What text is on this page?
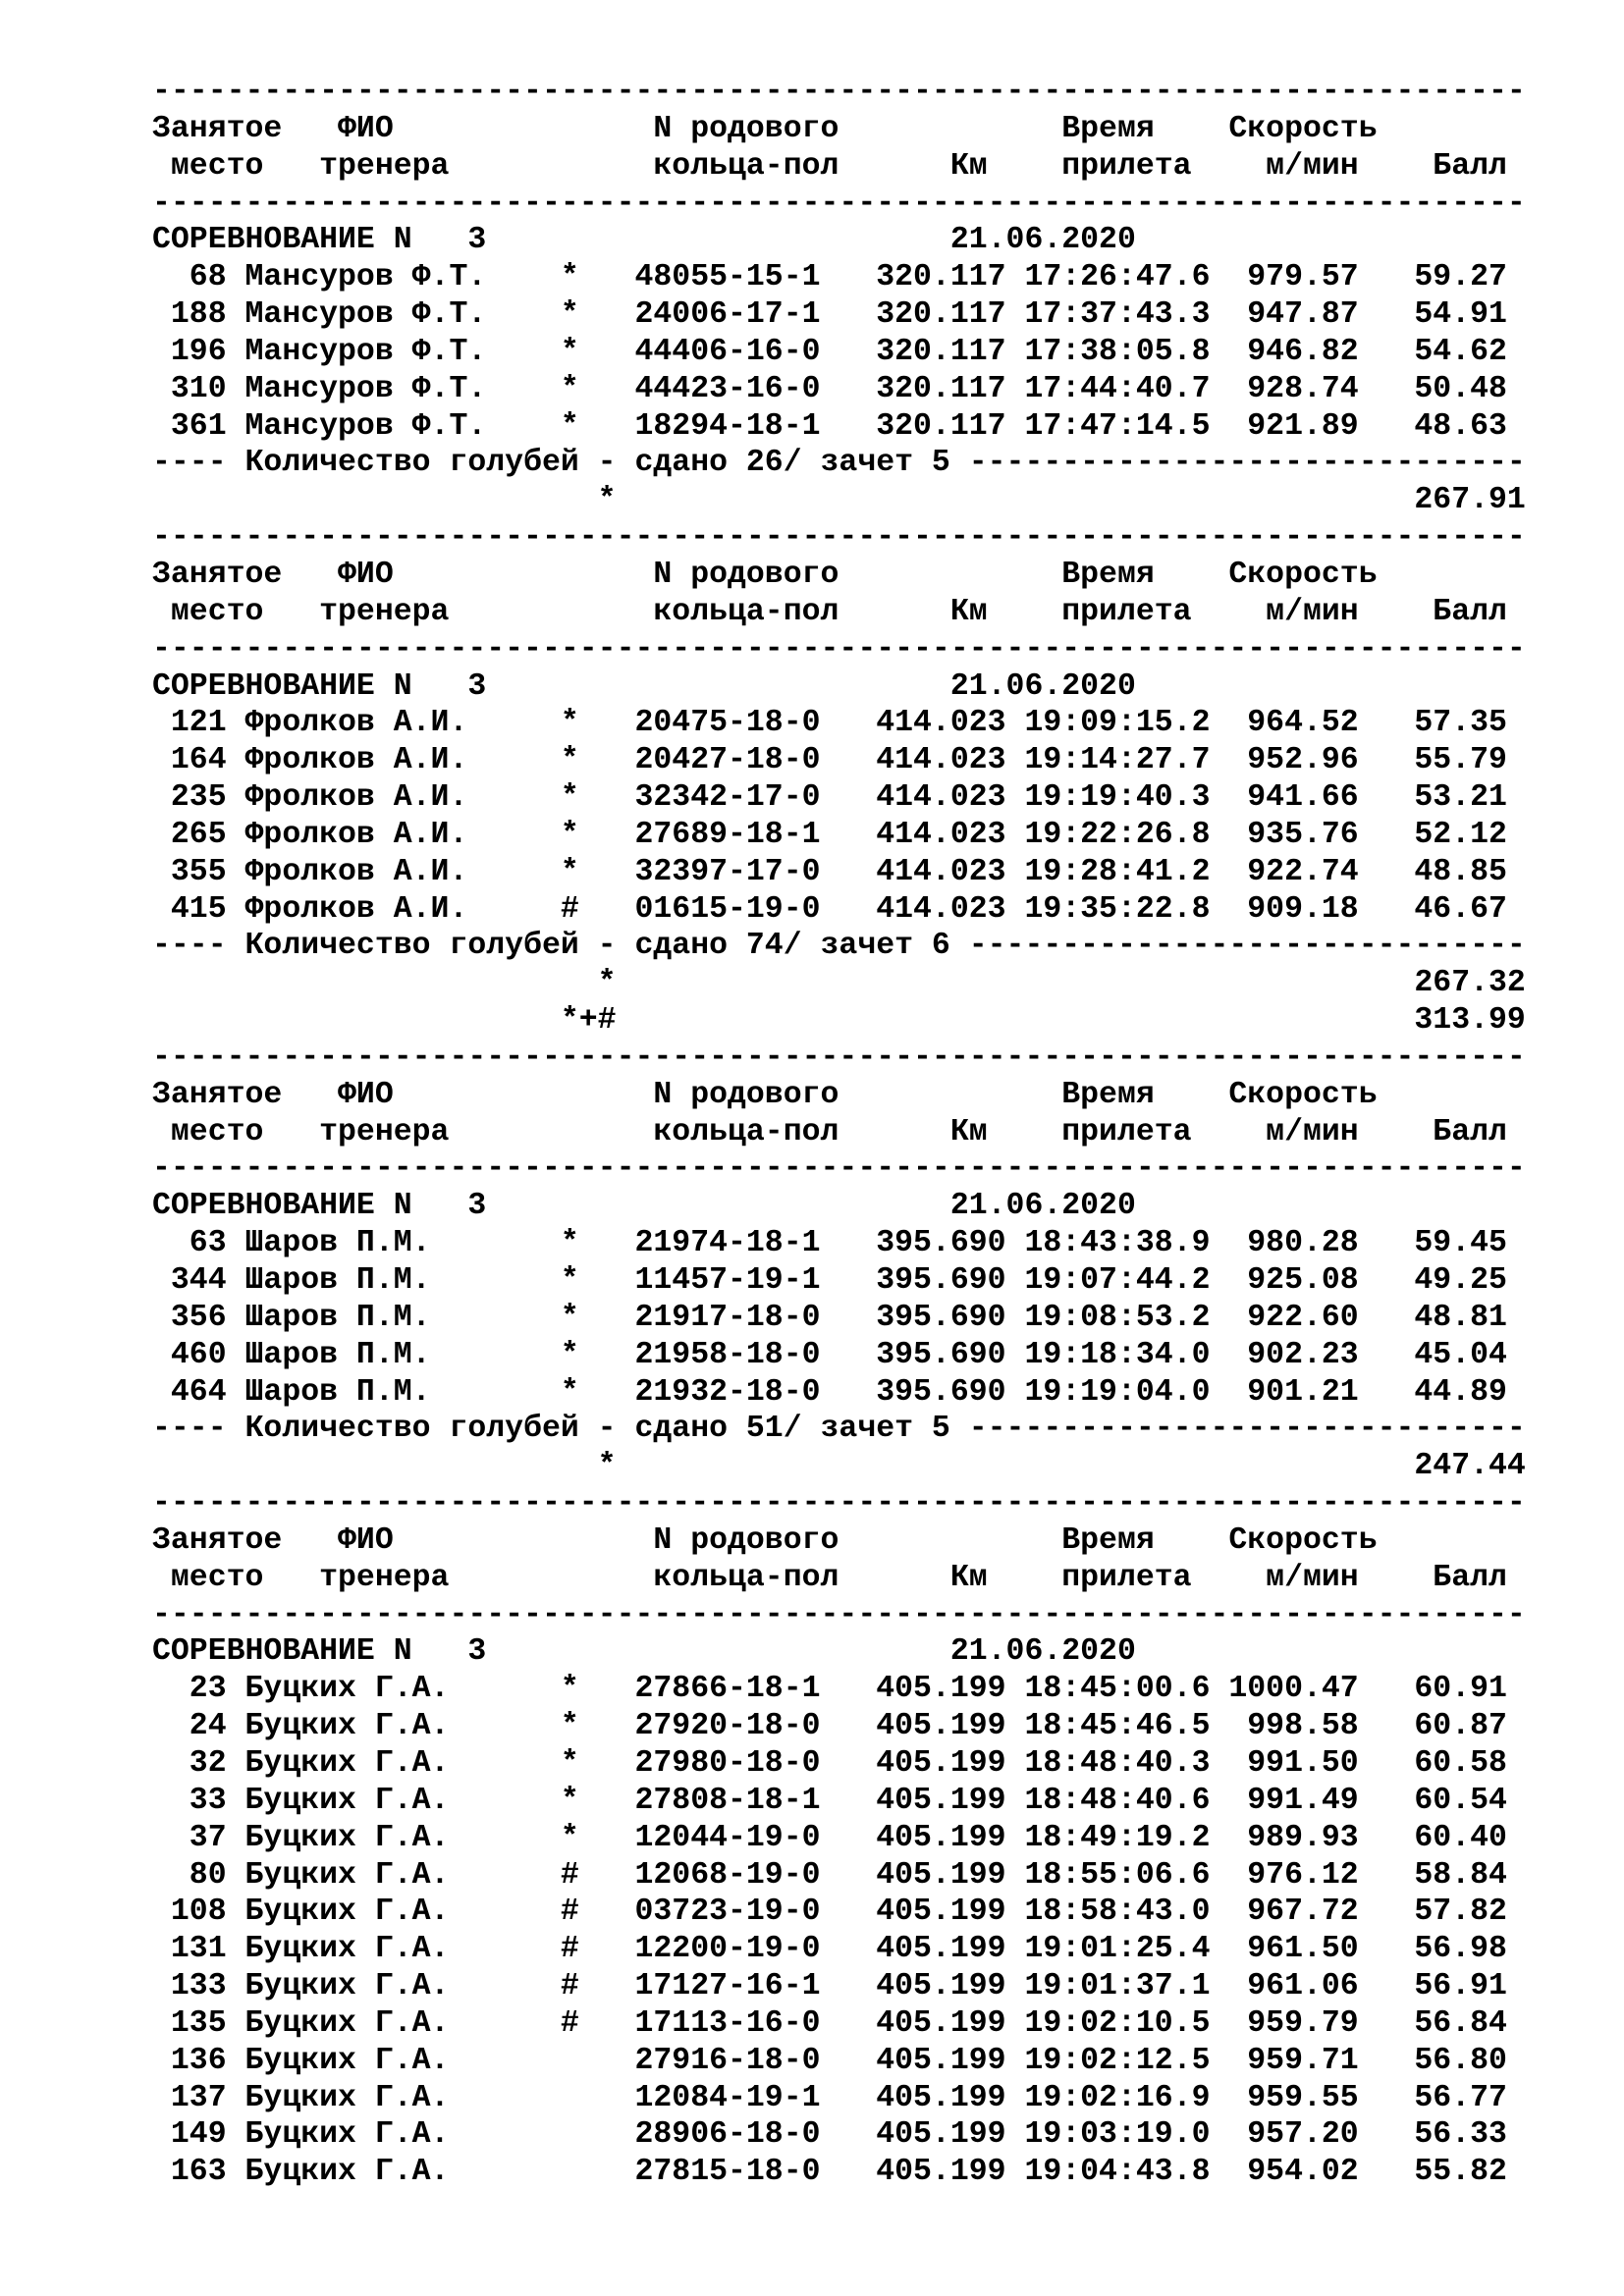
--------------------------------------------------------------------------
Занятое   ФИО              N родового            Время    Скорость
место   тренера           кольца-пол      Км    прилета    м/мин    Балл
--------------------------------------------------------------------------
СОРЕВНОВАНИЕ N   3                         21.06.2020
68 Мансуров Ф.Т.    *   48055-15-1   320.117 17:26:47.6  979.57   59.27
188 Мансуров Ф.Т.    *   24006-17-1   320.117 17:37:43.3  947.87   54.91
196 Мансуров Ф.Т.    *   44406-16-0   320.117 17:38:05.8  946.82   54.62
310 Мансуров Ф.Т.    *   44423-16-0   320.117 17:44:40.7  928.74   50.48
361 Мансуров Ф.Т.    *   18294-18-1   320.117 17:47:14.5  921.89   48.63
---- Количество голубей - сдано 26/ зачет 5 ------------------------------
*                                           267.91
--------------------------------------------------------------------------
Занятое   ФИО              N родового            Время    Скорость
место   тренера           кольца-пол      Км    прилета    м/мин    Балл
--------------------------------------------------------------------------
СОРЕВНОВАНИЕ N   3                         21.06.2020
121 Фролков А.И.     *   20475-18-0   414.023 19:09:15.2  964.52   57.35
164 Фролков А.И.     *   20427-18-0   414.023 19:14:27.7  952.96   55.79
235 Фролков А.И.     *   32342-17-0   414.023 19:19:40.3  941.66   53.21
265 Фролков А.И.     *   27689-18-1   414.023 19:22:26.8  935.76   52.12
355 Фролков А.И.     *   32397-17-0   414.023 19:28:41.2  922.74   48.85
415 Фролков А.И.     #   01615-19-0   414.023 19:35:22.8  909.18   46.67
---- Количество голубей - сдано 74/ зачет 6 ------------------------------
*                                           267.32
*+#                                           313.99
--------------------------------------------------------------------------
Занятое   ФИО              N родового            Время    Скорость
место   тренера           кольца-пол      Км    прилета    м/мин    Балл
--------------------------------------------------------------------------
СОРЕВНОВАНИЕ N   3                         21.06.2020
63 Шаров П.М.       *   21974-18-1   395.690 18:43:38.9  980.28   59.45
344 Шаров П.М.       *   11457-19-1   395.690 19:07:44.2  925.08   49.25
356 Шаров П.М.       *   21917-18-0   395.690 19:08:53.2  922.60   48.81
460 Шаров П.М.       *   21958-18-0   395.690 19:18:34.0  902.23   45.04
464 Шаров П.М.       *   21932-18-0   395.690 19:19:04.0  901.21   44.89
---- Количество голубей - сдано 51/ зачет 5 ------------------------------
*                                           247.44
--------------------------------------------------------------------------
Занятое   ФИО              N родового            Время    Скорость
место   тренера           кольца-пол      Км    прилета    м/мин    Балл
--------------------------------------------------------------------------
СОРЕВНОВАНИЕ N   3                         21.06.2020
23 Буцких Г.А.      *   27866-18-1   405.199 18:45:00.6 1000.47   60.91
24 Буцких Г.А.      *   27920-18-0   405.199 18:45:46.5  998.58   60.87
32 Буцких Г.А.      *   27980-18-0   405.199 18:48:40.3  991.50   60.58
33 Буцких Г.А.      *   27808-18-1   405.199 18:48:40.6  991.49   60.54
37 Буцких Г.А.      *   12044-19-0   405.199 18:49:19.2  989.93   60.40
80 Буцких Г.А.      #   12068-19-0   405.199 18:55:06.6  976.12   58.84
108 Буцких Г.А.      #   03723-19-0   405.199 18:58:43.0  967.72   57.82
131 Буцких Г.А.      #   12200-19-0   405.199 19:01:25.4  961.50   56.98
133 Буцких Г.А.      #   17127-16-1   405.199 19:01:37.1  961.06   56.91
135 Буцких Г.А.      #   17113-16-0   405.199 19:02:10.5  959.79   56.84
136 Буцких Г.А.          27916-18-0   405.199 19:02:12.5  959.71   56.80
137 Буцких Г.А.          12084-19-1   405.199 19:02:16.9  959.55   56.77
149 Буцких Г.А.          28906-18-0   405.199 19:03:19.0  957.20   56.33
163 Буцких Г.А.          27815-18-0   405.199 19:04:43.8  954.02   55.82
